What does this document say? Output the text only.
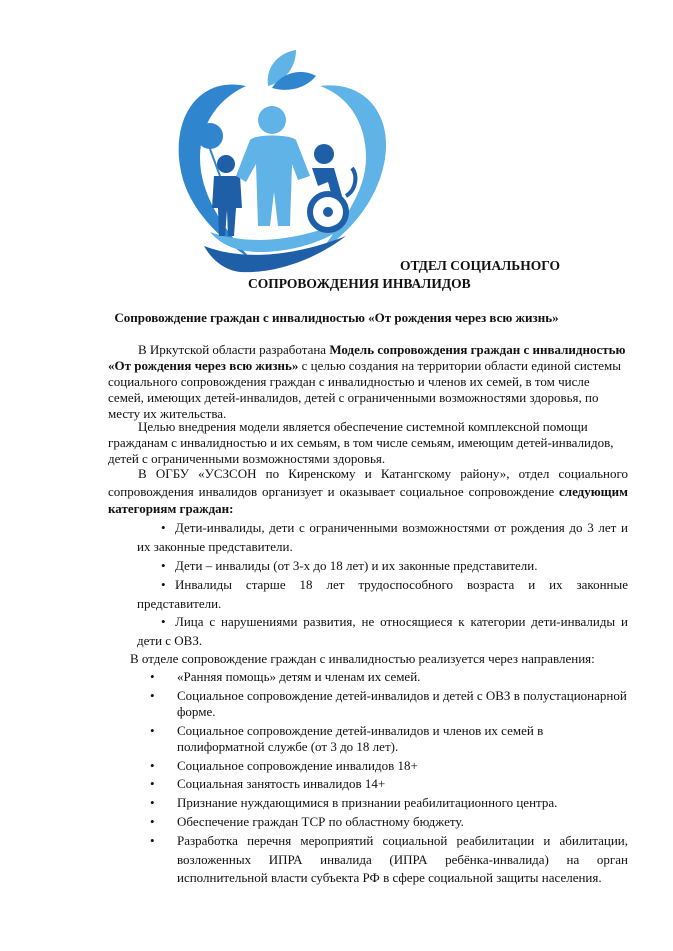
ОТДЕЛ СОЦИАЛЬНОГО
СОПРОВОЖДЕНИЯ ИНВАЛИДОВ
Сопровождение граждан с инвалидностью «От рождения через всю жизнь»
В Иркутской области разработана Модель сопровождения граждан с инвалидностью «От рождения через всю жизнь» с целью создания на территории области единой системы социального сопровождения граждан с инвалидностью и членов их семей, в том числе семей, имеющих детей-инвалидов, детей с ограниченными возможностями здоровья, по месту их жительства.
Целью внедрения модели является обеспечение системной комплексной помощи гражданам с инвалидностью и их семьям, в том числе семьям, имеющим детей-инвалидов, детей с ограниченными возможностями здоровья.
В ОГБУ «УСЗСОН по Киренскому и Катангскому району», отдел социального сопровождения инвалидов организует и оказывает социальное сопровождение следующим категориям граждан:
• Дети-инвалиды, дети с ограниченными возможностями от рождения до 3 лет и их законные представители.
• Дети – инвалиды (от 3-х до 18 лет) и их законные представители.
• Инвалиды старше 18 лет трудоспособного возраста и их законные представители.
• Лица с нарушениями развития, не относящиеся к категории дети-инвалиды и дети с ОВЗ.
В отделе сопровождение граждан с инвалидностью реализуется через направления:
• «Ранняя помощь» детям и членам их семей.
• Социальное сопровождение детей-инвалидов и детей с ОВЗ в полустационарной форме.
• Социальное сопровождение детей-инвалидов и членов их семей в полиформатной службе (от 3 до 18 лет).
• Социальное сопровождение инвалидов 18+
• Социальная занятость инвалидов 14+
• Признание нуждающимися в признании реабилитационного центра.
• Обеспечение граждан ТСР по областному бюджету.
• Разработка перечня мероприятий социальной реабилитации и абилитации, возложенных ИПРА инвалида (ИПРА ребёнка-инвалида) на орган исполнительной власти субъекта РФ в сфере социальной защиты населения.
